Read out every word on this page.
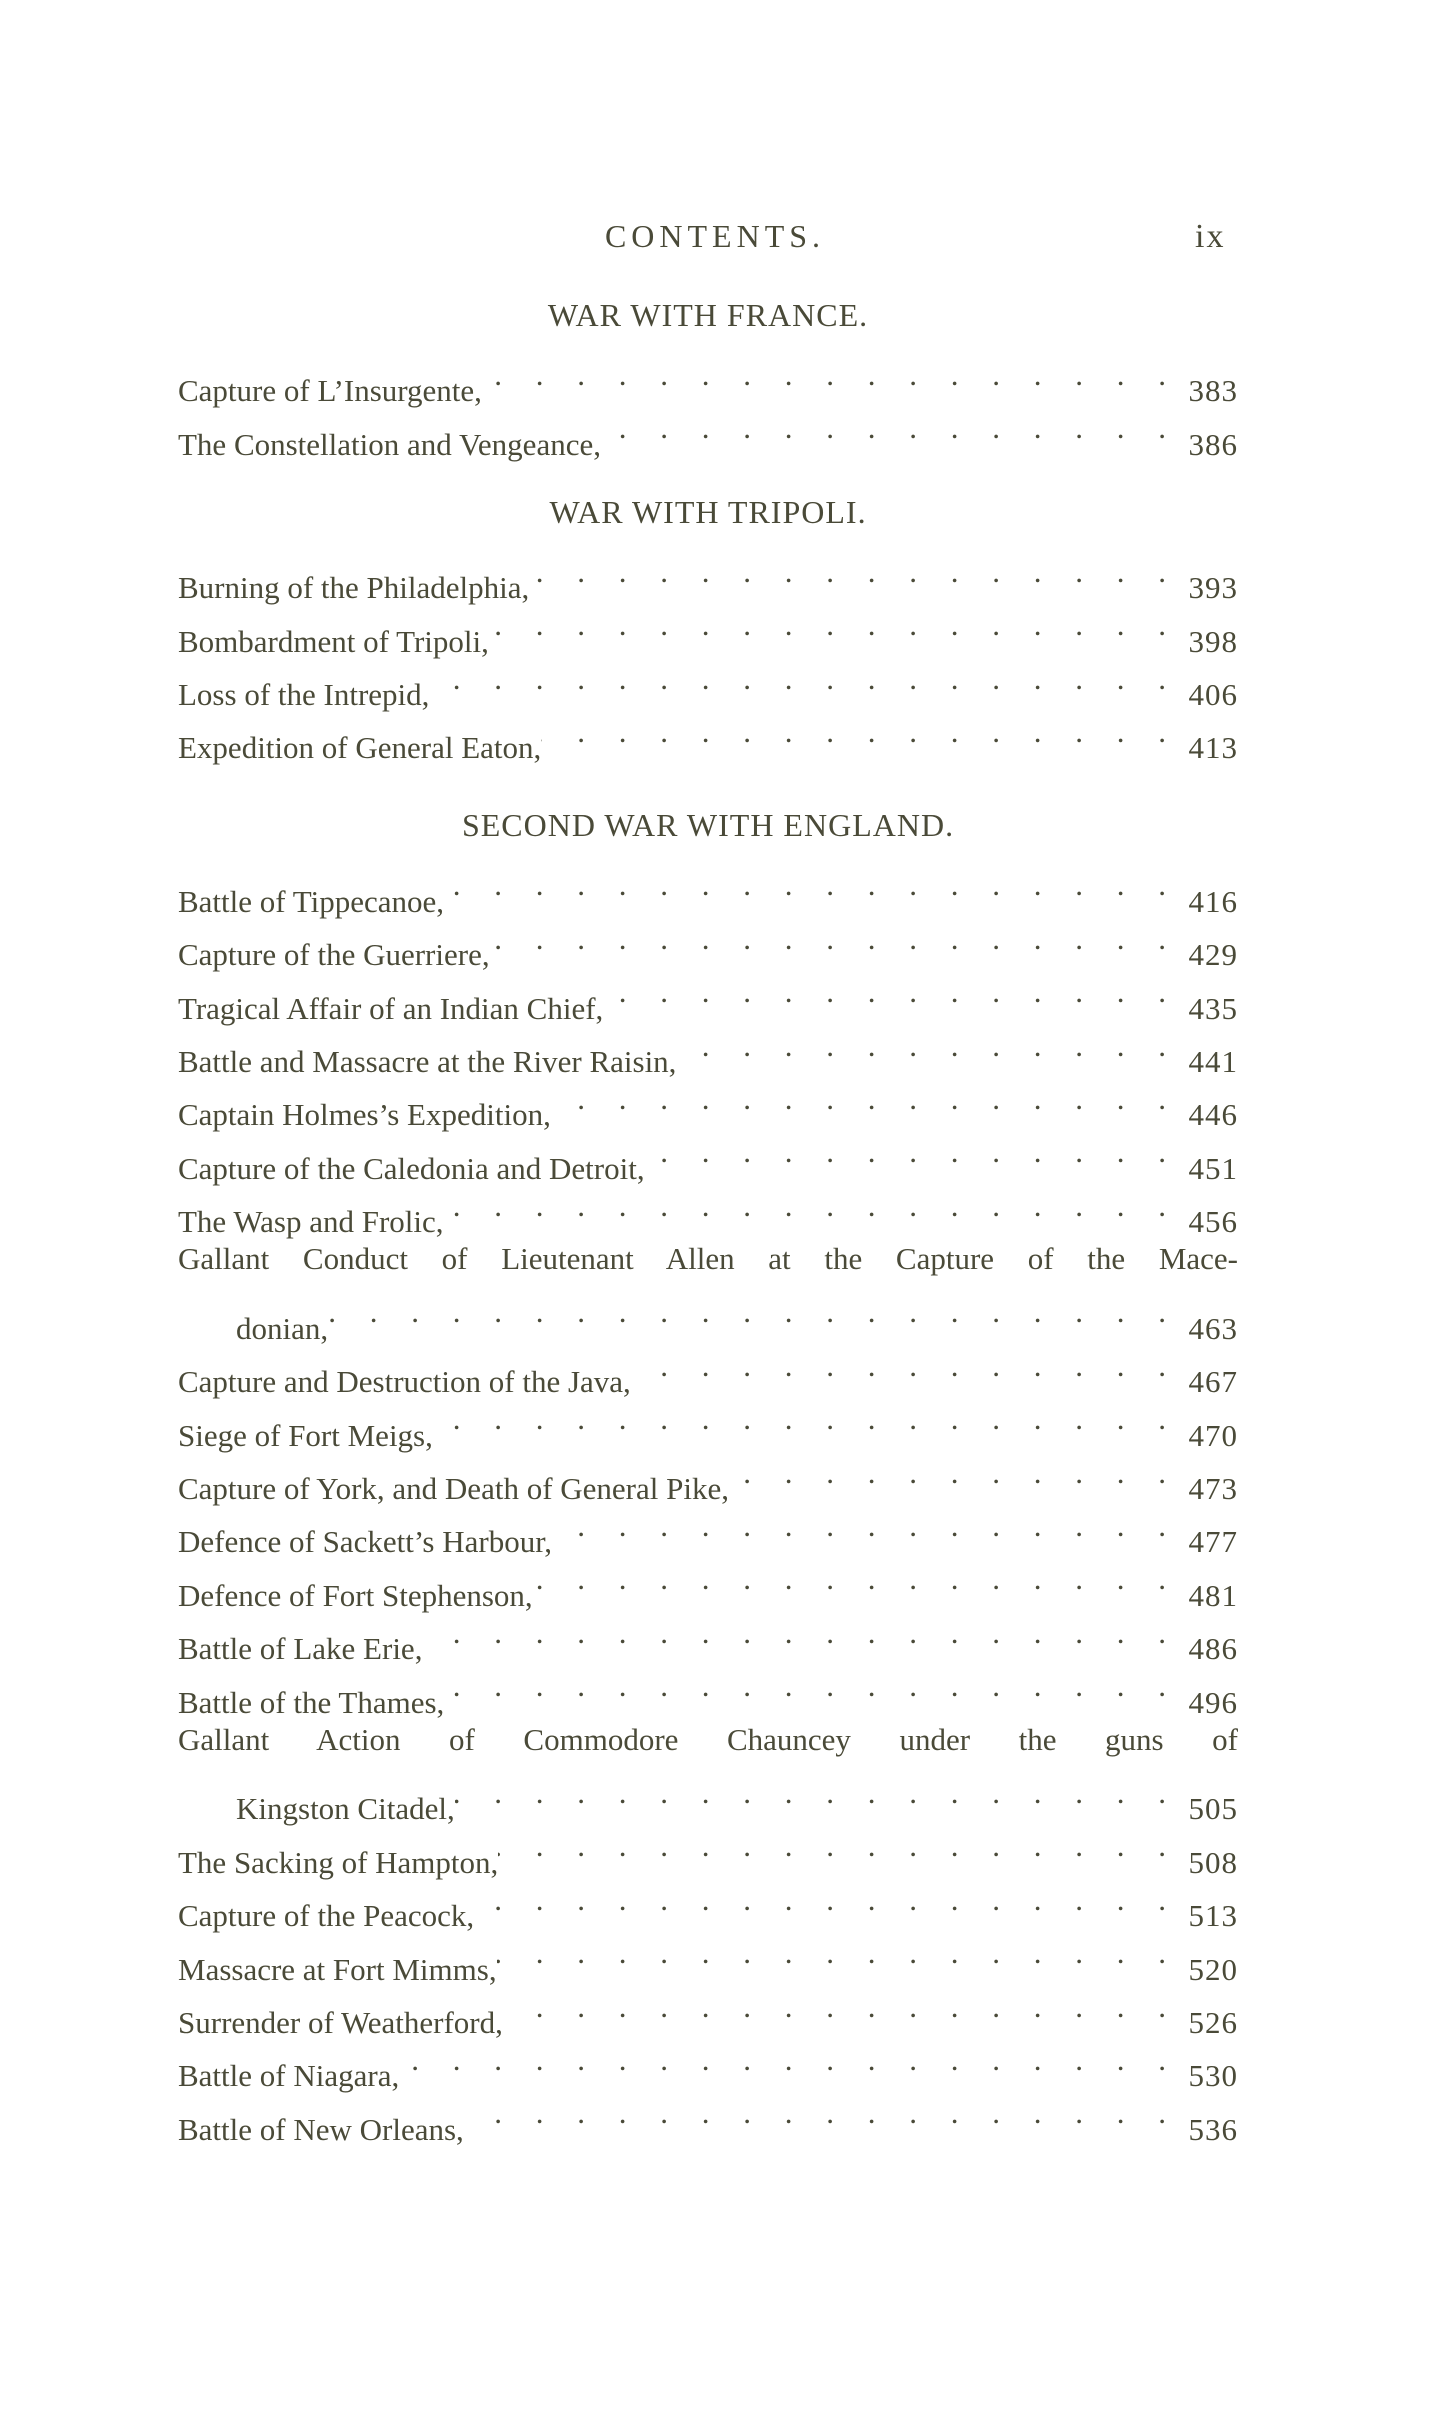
CONTENTS.	ix
WAR WITH FRANCE.
Capture of L’Insurgente, . . .	383
The Constellation and Vengeance, . . .	386
WAR WITH TRIPOLI.
Burning of the Philadelphia, . . .	393
Bombardment of Tripoli, . . .	398
Loss of the Intrepid, . . .	406
Expedition of General Eaton, . . .	413
SECOND WAR WITH ENGLAND.
Battle of Tippecanoe, . . .	416
Capture of the Guerriere, . . .	429
Tragical Affair of an Indian Chief, . . .	435
Battle and Massacre at the River Raisin, . . .	441
Captain Holmes’s Expedition, . . .	446
Capture of the Caledonia and Detroit, . . .	451
The Wasp and Frolic, . . .	456
Gallant Conduct of Lieutenant Allen at the Capture of the Mace-
donian, . . .	463
Capture and Destruction of the Java, . . .	467
Siege of Fort Meigs, . . .	470
Capture of York, and Death of General Pike, . . .	473
Defence of Sackett’s Harbour, . . .	477
Defence of Fort Stephenson, . . .	481
Battle of Lake Erie, . . .	486
Battle of the Thames, . . .	496
Gallant Action of Commodore Chauncey under the guns of
Kingston Citadel, . . .	505
The Sacking of Hampton, . . .	508
Capture of the Peacock, . . .	513
Massacre at Fort Mimms, . . .	520
Surrender of Weatherford, . . .	526
Battle of Niagara, . . .	530
Battle of New Orleans, . . .	536
